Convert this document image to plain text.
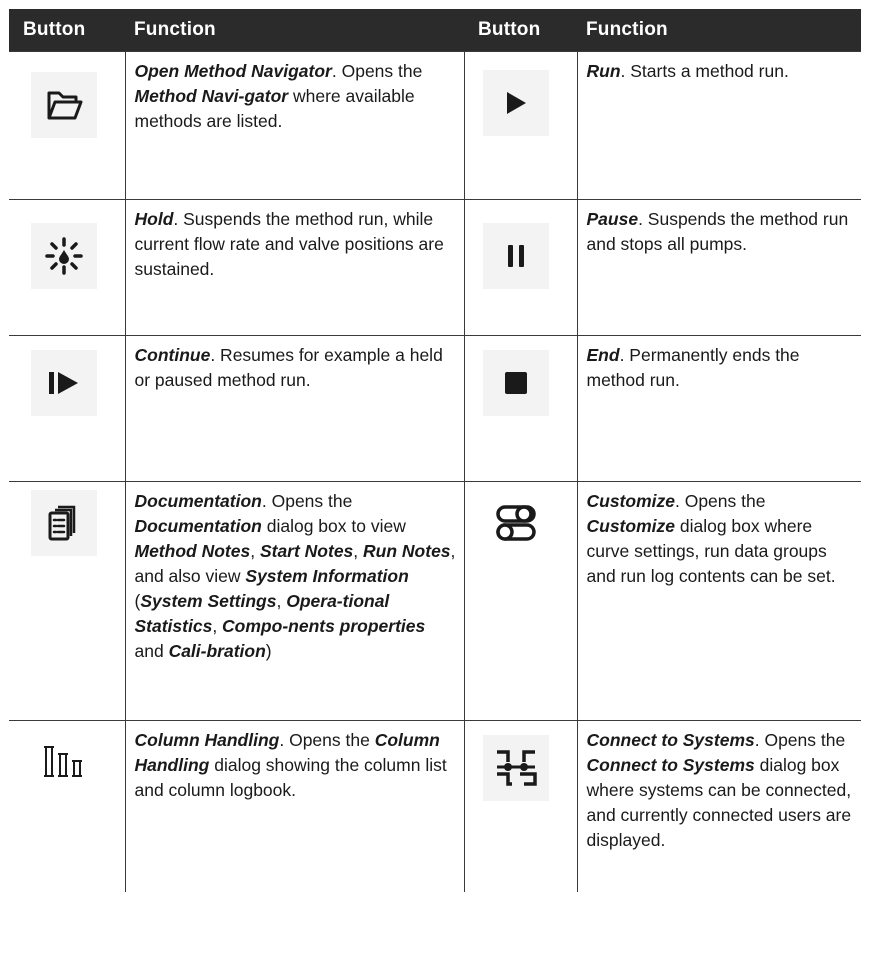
Button	Function	Button	Function

	Open Method Navigator. Opens the Method Navi-gator where available methods are listed.		Run. Starts a method run.

	Hold. Suspends the method run, while current flow rate and valve positions are sustained.		Pause. Suspends the method run and stops all pumps.

	Continue. Resumes for example a held or paused method run.		End. Permanently ends the method run.

	Documentation. Opens the Documentation dialog box to view Method Notes, Start Notes, Run Notes, and also view System Information (System Settings, Opera-tional Statistics, Compo-nents properties and Cali-bration)		Customize. Opens the Customize dialog box where curve settings, run data groups and run log contents can be set.

	Column Handling. Opens the Column Handling dialog showing the column list and column logbook.		Connect to Systems. Opens the Connect to Systems dialog box where systems can be connected, and currently connected users are displayed.
